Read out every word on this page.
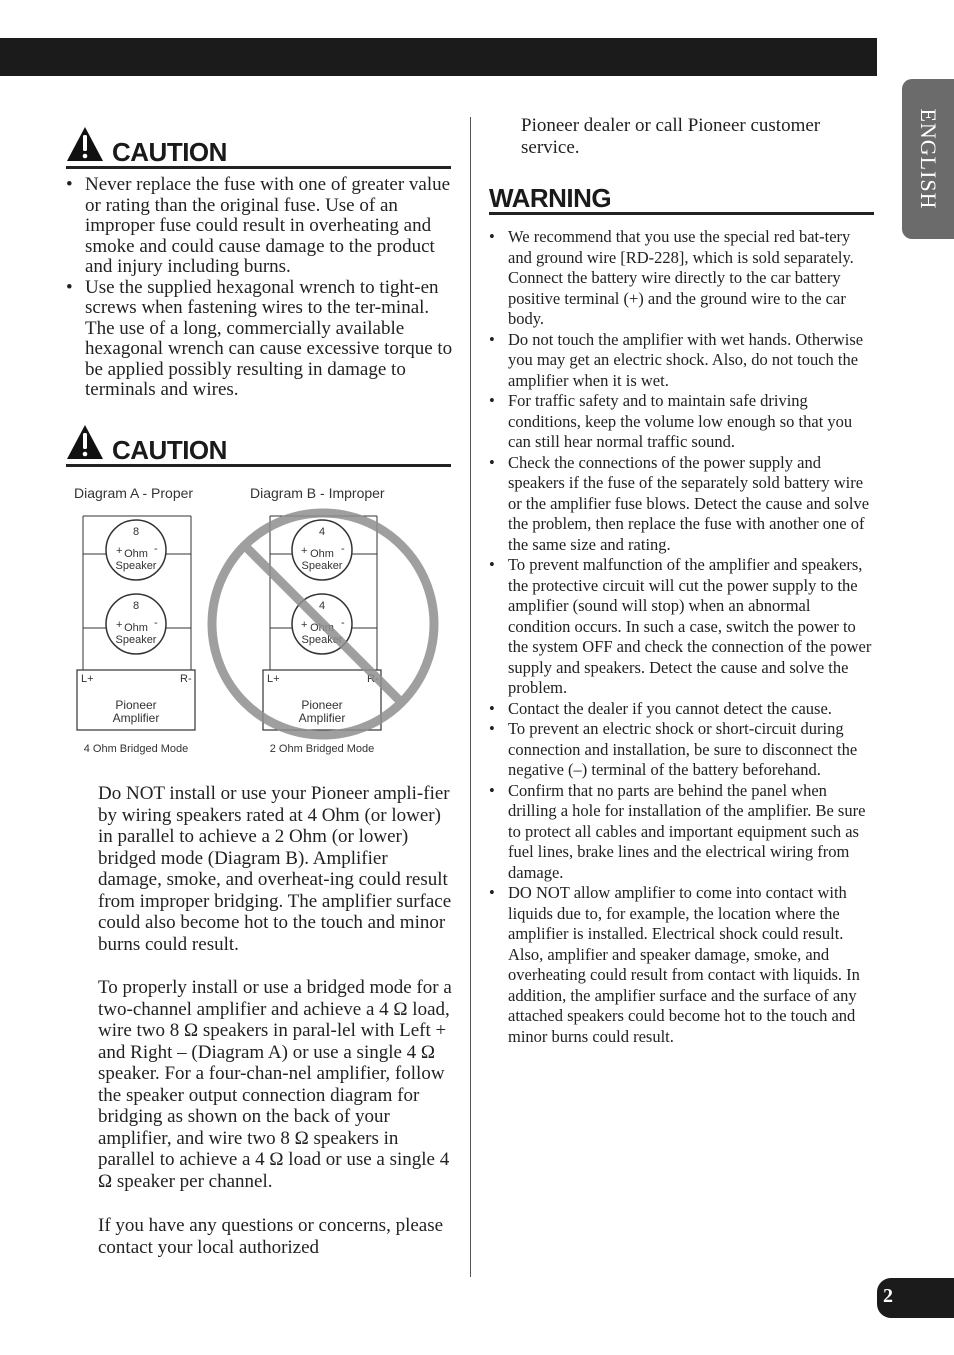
ENGLISH
CAUTION
• Never replace the fuse with one of greater value or rating than the original fuse. Use of an improper fuse could result in overheating and smoke and could cause damage to the product and injury including burns.
• Use the supplied hexagonal wrench to tight-en screws when fastening wires to the ter-minal. The use of a long, commercially available hexagonal wrench can cause excessive torque to be applied possibly resulting in damage to terminals and wires.
CAUTION
Diagram A - Proper
8
+	-
Ohm
Speaker
8
+	-
Ohm
Speaker
L+	R-
Pioneer
Amplifier
4 Ohm Bridged Mode
Diagram B - Improper
4
+	-
Ohm
Speaker
4
+	-
Ohm
Speaker
L+	R-
Pioneer
Amplifier
2 Ohm Bridged Mode

Do NOT install or use your Pioneer ampli-fier by wiring speakers rated at 4 Ohm (or lower) in parallel to achieve a 2 Ohm (or lower) bridged mode (Diagram B). Amplifier damage, smoke, and overheat-ing could result from improper bridging. The amplifier surface could also become hot to the touch and minor burns could result.

To properly install or use a bridged mode for a two-channel amplifier and achieve a 4 Ω load, wire two 8 Ω speakers in paral-lel with Left + and Right – (Diagram A) or use a single 4 Ω speaker. For a four-chan-nel amplifier, follow the speaker output connection diagram for bridging as shown on the back of your amplifier, and wire two 8 Ω speakers in parallel to achieve a 4 Ω load or use a single 4 Ω speaker per channel.

If you have any questions or concerns, please contact your local authorized

Pioneer dealer or call Pioneer customer service.

WARNING
• We recommend that you use the special red bat-tery and ground wire [RD-228], which is sold separately. Connect the battery wire directly to the car battery positive terminal (+) and the ground wire to the car body.
• Do not touch the amplifier with wet hands. Otherwise you may get an electric shock. Also, do not touch the amplifier when it is wet.
• For traffic safety and to maintain safe driving conditions, keep the volume low enough so that you can still hear normal traffic sound.
• Check the connections of the power supply and speakers if the fuse of the separately sold battery wire or the amplifier fuse blows. Detect the cause and solve the problem, then replace the fuse with another one of the same size and rating.
• To prevent malfunction of the amplifier and speakers, the protective circuit will cut the power supply to the amplifier (sound will stop) when an abnormal condition occurs. In such a case, switch the power to the system OFF and check the connection of the power supply and speakers. Detect the cause and solve the problem.
• Contact the dealer if you cannot detect the cause.
• To prevent an electric shock or short-circuit during connection and installation, be sure to disconnect the negative (–) terminal of the battery beforehand.
• Confirm that no parts are behind the panel when drilling a hole for installation of the amplifier. Be sure to protect all cables and important equipment such as fuel lines, brake lines and the electrical wiring from damage.
• DO NOT allow amplifier to come into contact with liquids due to, for example, the location where the amplifier is installed. Electrical shock could result. Also, amplifier and speaker damage, smoke, and overheating could result from contact with liquids. In addition, the amplifier surface and the surface of any attached speakers could become hot to the touch and minor burns could result.
2
